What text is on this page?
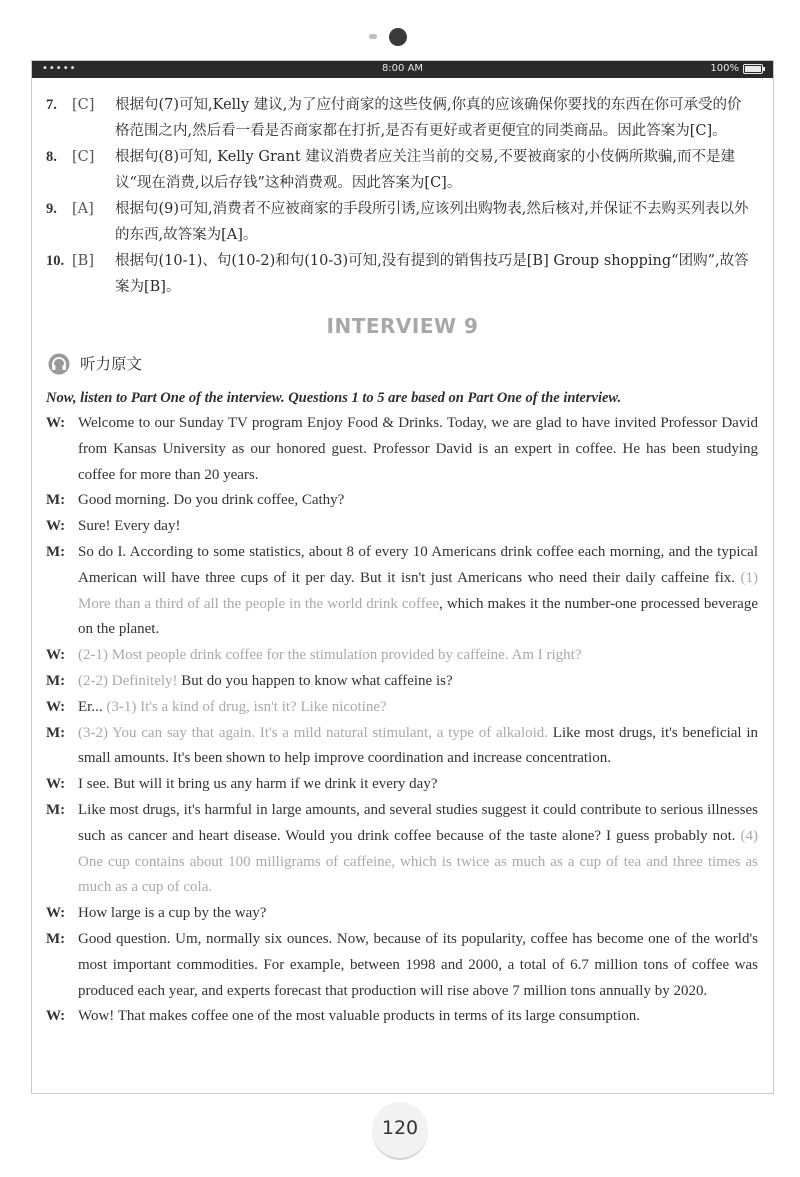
•••••	8:00 AM	100%
7. [C] 根据句(7)可知,Kelly 建议,为了应付商家的这些伎俩,你真的应该确保你要找的东西在你可承受的价格范围之内,然后看一看是否商家都在打折,是否有更好或者更便宜的同类商品。因此答案为[C]。
8. [C] 根据句(8)可知, Kelly Grant 建议消费者应关注当前的交易,不要被商家的小伎俩所欺骗,而不是建议“现在消费,以后存钱”这种消费观。因此答案为[C]。
9. [A] 根据句(9)可知,消费者不应被商家的手段所引诱,应该列出购物表,然后核对,并保证不去购买列表以外的东西,故答案为[A]。
10. [B] 根据句(10-1)、句(10-2)和句(10-3)可知,没有提到的销售技巧是[B] Group shopping“团购”,故答案为[B]。
INTERVIEW 9
听力原文
Now, listen to Part One of the interview. Questions 1 to 5 are based on Part One of the interview.
W: Welcome to our Sunday TV program Enjoy Food & Drinks. Today, we are glad to have invited Professor David from Kansas University as our honored guest. Professor David is an expert in coffee. He has been studying coffee for more than 20 years.
M: Good morning. Do you drink coffee, Cathy?
W: Sure! Every day!
M: So do I. According to some statistics, about 8 of every 10 Americans drink coffee each morning, and the typical American will have three cups of it per day. But it isn't just Americans who need their daily caffeine fix. (1) More than a third of all the people in the world drink coffee, which makes it the number-one processed beverage on the planet.
W: (2-1) Most people drink coffee for the stimulation provided by caffeine. Am I right?
M: (2-2) Definitely! But do you happen to know what caffeine is?
W: Er... (3-1) It's a kind of drug, isn't it? Like nicotine?
M: (3-2) You can say that again. It's a mild natural stimulant, a type of alkaloid. Like most drugs, it's beneficial in small amounts. It's been shown to help improve coordination and increase concentration.
W: I see. But will it bring us any harm if we drink it every day?
M: Like most drugs, it's harmful in large amounts, and several studies suggest it could contribute to serious illnesses such as cancer and heart disease. Would you drink coffee because of the taste alone? I guess probably not. (4) One cup contains about 100 milligrams of caffeine, which is twice as much as a cup of tea and three times as much as a cup of cola.
W: How large is a cup by the way?
M: Good question. Um, normally six ounces. Now, because of its popularity, coffee has become one of the world's most important commodities. For example, between 1998 and 2000, a total of 6.7 million tons of coffee was produced each year, and experts forecast that production will rise above 7 million tons annually by 2020.
W: Wow! That makes coffee one of the most valuable products in terms of its large consumption.
120
